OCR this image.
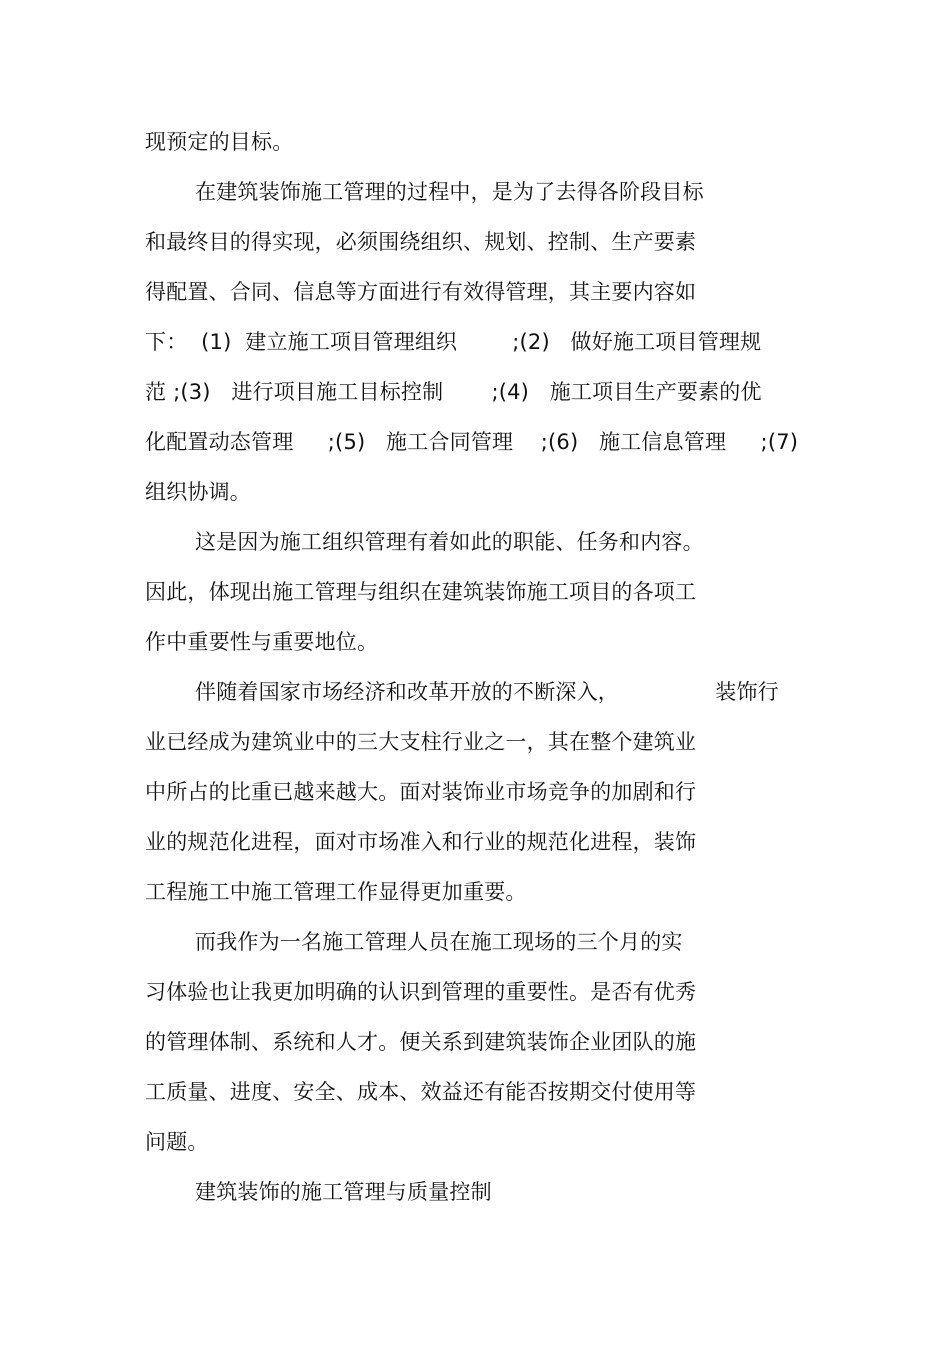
现预定的目标。
在建筑装饰施工管理的过程中，是为了去得各阶段目标
和最终目的得实现，必须围绕组织、规划、控制、生产要素
得配置、合同、信息等方面进行有效得管理，其主要内容如
下：  (1)  建立施工项目管理组织        ;(2)   做好施工项目管理规
范 ;(3)   进行项目施工目标控制       ;(4)   施工项目生产要素的优
化配置动态管理     ;(5)   施工合同管理    ;(6)   施工信息管理     ;(7)
组织协调。
这是因为施工组织管理有着如此的职能、任务和内容。
因此，体现出施工管理与组织在建筑装饰施工项目的各项工
作中重要性与重要地位。
伴随着国家市场经济和改革开放的不断深入，              装饰行
业已经成为建筑业中的三大支柱行业之一，其在整个建筑业
中所占的比重已越来越大。面对装饰业市场竞争的加剧和行
业的规范化进程，面对市场准入和行业的规范化进程，装饰
工程施工中施工管理工作显得更加重要。
而我作为一名施工管理人员在施工现场的三个月的实
习体验也让我更加明确的认识到管理的重要性。是否有优秀
的管理体制、系统和人才。便关系到建筑装饰企业团队的施
工质量、进度、安全、成本、效益还有能否按期交付使用等
问题。
建筑装饰的施工管理与质量控制
